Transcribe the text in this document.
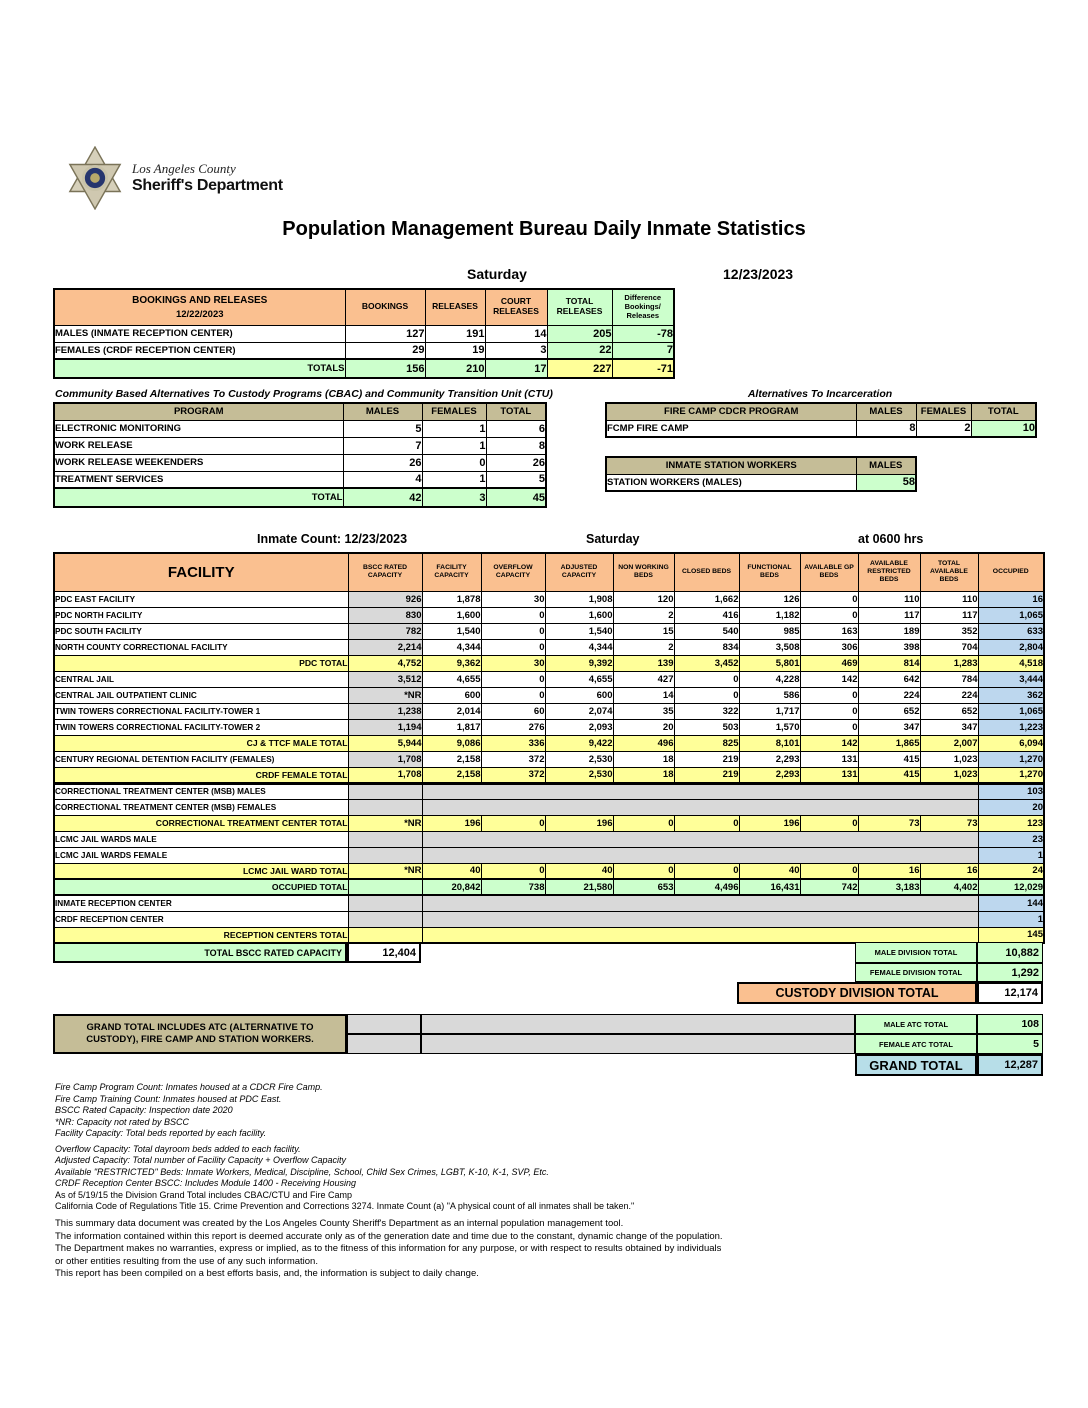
Los Angeles County
Sheriff's Department
Population Management Bureau Daily Inmate Statistics
Saturday	12/23/2023
BOOKINGS AND RELEASES
12/22/2023	BOOKINGS	RELEASES	COURT RELEASES	TOTAL RELEASES	Difference Bookings/ Releases
MALES (INMATE RECEPTION CENTER)	127	191	14	205	-78
FEMALES (CRDF RECEPTION CENTER)	29	19	3	22	7
TOTALS	156	210	17	227	-71
Community Based Alternatives To Custody Programs (CBAC) and Community Transition Unit (CTU)
PROGRAM	MALES	FEMALES	TOTAL
ELECTRONIC MONITORING	5	1	6
WORK RELEASE	7	1	8
WORK RELEASE WEEKENDERS	26	0	26
TREATMENT SERVICES	4	1	5
TOTAL	42	3	45
Alternatives To Incarceration
FIRE CAMP CDCR PROGRAM	MALES	FEMALES	TOTAL
FCMP FIRE CAMP	8	2	10
INMATE STATION WORKERS	MALES
STATION WORKERS (MALES)	58
Inmate Count: 12/23/2023	Saturday	at 0600 hrs
FACILITY	BSCC RATED CAPACITY	FACILITY CAPACITY	OVERFLOW CAPACITY	ADJUSTED CAPACITY	NON WORKING BEDS	CLOSED BEDS	FUNCTIONAL BEDS	AVAILABLE GP BEDS	AVAILABLE RESTRICTED BEDS	TOTAL AVAILABLE BEDS	OCCUPIED
PDC EAST FACILITY	926	1,878	30	1,908	120	1,662	126	0	110	110	16
PDC NORTH FACILITY	830	1,600	0	1,600	2	416	1,182	0	117	117	1,065
PDC SOUTH FACILITY	782	1,540	0	1,540	15	540	985	163	189	352	633
NORTH COUNTY CORRECTIONAL FACILITY	2,214	4,344	0	4,344	2	834	3,508	306	398	704	2,804
PDC TOTAL	4,752	9,362	30	9,392	139	3,452	5,801	469	814	1,283	4,518
CENTRAL JAIL	3,512	4,655	0	4,655	427	0	4,228	142	642	784	3,444
CENTRAL JAIL OUTPATIENT CLINIC	*NR	600	0	600	14	0	586	0	224	224	362
TWIN TOWERS CORRECTIONAL FACILITY-TOWER 1	1,238	2,014	60	2,074	35	322	1,717	0	652	652	1,065
TWIN TOWERS CORRECTIONAL FACILITY-TOWER 2	1,194	1,817	276	2,093	20	503	1,570	0	347	347	1,223
CJ & TTCF MALE TOTAL	5,944	9,086	336	9,422	496	825	8,101	142	1,865	2,007	6,094
CENTURY REGIONAL DETENTION FACILITY (FEMALES)	1,708	2,158	372	2,530	18	219	2,293	131	415	1,023	1,270
CRDF FEMALE TOTAL	1,708	2,158	372	2,530	18	219	2,293	131	415	1,023	1,270
CORRECTIONAL TREATMENT CENTER (MSB) MALES											103
CORRECTIONAL TREATMENT CENTER (MSB) FEMALES											20
CORRECTIONAL TREATMENT CENTER TOTAL	*NR	196	0	196	0	0	196	0	73	73	123
LCMC JAIL WARDS MALE											23
LCMC JAIL WARDS FEMALE											1
LCMC JAIL WARD TOTAL	*NR	40	0	40	0	0	40	0	16	16	24
OCCUPIED TOTAL		20,842	738	21,580	653	4,496	16,431	742	3,183	4,402	12,029
INMATE RECEPTION CENTER											144
CRDF RECEPTION CENTER											1
RECEPTION CENTERS TOTAL											145
TOTAL BSCC RATED CAPACITY	12,404	MALE DIVISION TOTAL	10,882
FEMALE DIVISION TOTAL	1,292
CUSTODY DIVISION TOTAL	12,174
GRAND TOTAL INCLUDES ATC (ALTERNATIVE TO
CUSTODY), FIRE CAMP AND STATION WORKERS.
MALE ATC TOTAL	108
FEMALE ATC TOTAL	5
GRAND TOTAL	12,287
Fire Camp Program Count: Inmates housed at a CDCR Fire Camp.
Fire Camp Training Count: Inmates housed at PDC East.
BSCC Rated Capacity: Inspection date 2020
*NR: Capacity not rated by BSCC
Facility Capacity: Total beds reported by each facility.
Overflow Capacity: Total dayroom beds added to each facility.
Adjusted Capacity: Total number of Facility Capacity + Overflow Capacity
Available "RESTRICTED" Beds: Inmate Workers, Medical, Discipline, School, Child Sex Crimes, LGBT, K-10, K-1, SVP, Etc.
CRDF Reception Center BSCC: Includes Module 1400 - Receiving Housing
As of 5/19/15 the Division Grand Total includes CBAC/CTU and Fire Camp
California Code of Regulations Title 15. Crime Prevention and Corrections 3274. Inmate Count (a) "A physical count of all inmates shall be taken."
This summary data document was created by the Los Angeles County Sheriff's Department as an internal population management tool.
The information contained within this report is deemed accurate only as of the generation date and time due to the constant, dynamic change of the population.
The Department makes no warranties, express or implied, as to the fitness of this information for any purpose, or with respect to results obtained by individuals
or other entities resulting from the use of any such information.
This report has been compiled on a best efforts basis, and, the information is subject to daily change.
